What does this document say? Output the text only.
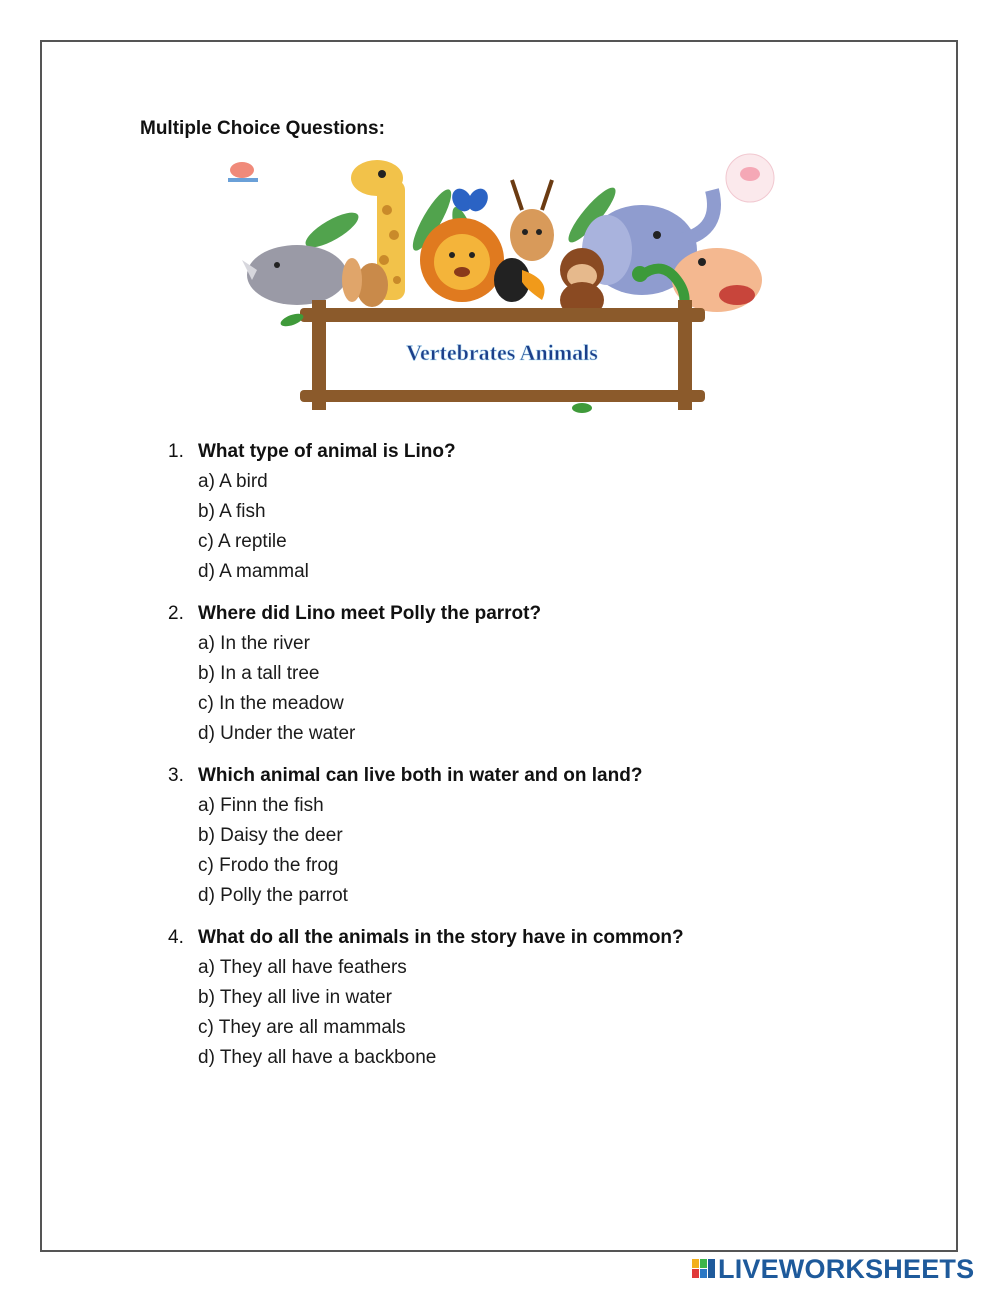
Multiple Choice Questions:
Vertebrates Animals
1. What type of animal is Lino?
a) A bird
b) A fish
c) A reptile
d) A mammal
2. Where did Lino meet Polly the parrot?
a) In the river
b) In a tall tree
c) In the meadow
d) Under the water
3. Which animal can live both in water and on land?
a) Finn the fish
b) Daisy the deer
c) Frodo the frog
d) Polly the parrot
4. What do all the animals in the story have in common?
a) They all have feathers
b) They all live in water
c) They are all mammals
d) They all have a backbone
LIVEWORKSHEETS
